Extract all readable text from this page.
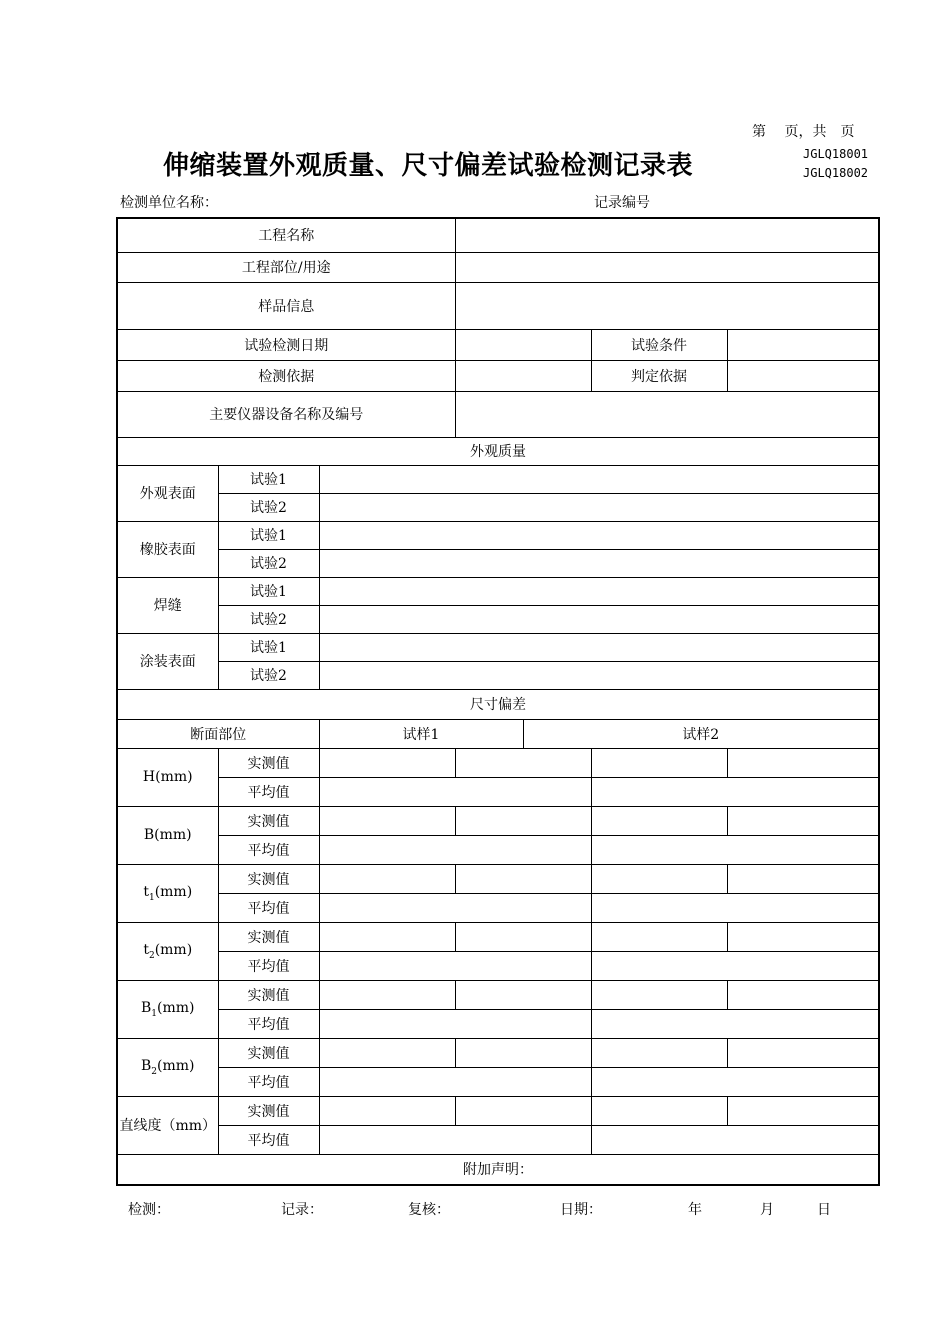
第　 页，共　页
JGLQ18001
JGLQ18002
伸缩装置外观质量、尺寸偏差试验检测记录表
检测单位名称：	记录编号
工程名称						
工程部位/用途						
样品信息						
试验检测日期					试验条件	
检测依据					判定依据	
主要仪器设备名称及编号						
外观质量						
外观表面	试验1					
	试验2					
橡胶表面	试验1					
	试验2					
焊缝	试验1					
	试验2					
涂装表面	试验1					
	试验2					
尺寸偏差						
断面部位		试样1		试样2		
H(mm)	实测值					
	平均值					
B(mm)	实测值					
	平均值					
$t_1(mm)$	实测值					
	平均值					
$t_2(mm)$	实测值					
	平均值					
$B_1(mm)$	实测值					
	平均值					
$B_2(mm)$	实测值					
	平均值					
直线度（mm）	实测值					
	平均值					
附加声明：						
检测：	记录：	复核：	日期：	年	月	日
